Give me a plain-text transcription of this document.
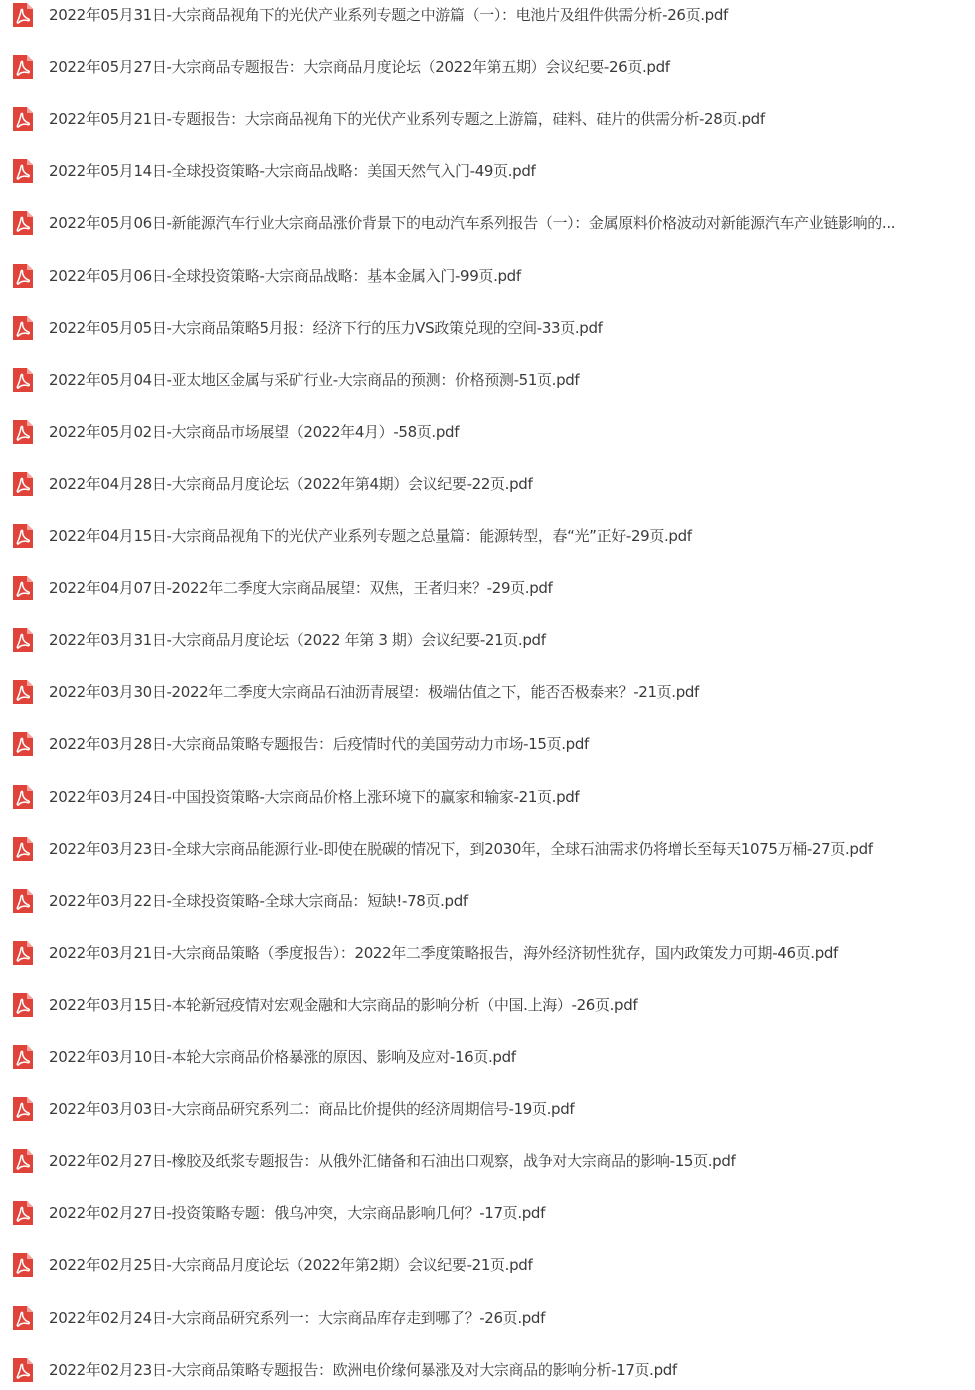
2022年05月31日-大宗商品视角下的光伏产业系列专题之中游篇（一）：电池片及组件供需分析-26页.pdf
2022年05月27日-大宗商品专题报告：大宗商品月度论坛（2022年第五期）会议纪要-26页.pdf
2022年05月21日-专题报告：大宗商品视角下的光伏产业系列专题之上游篇，硅料、硅片的供需分析-28页.pdf
2022年05月14日-全球投资策略-大宗商品战略：美国天然气入门-49页.pdf
2022年05月06日-新能源汽车行业大宗商品涨价背景下的电动汽车系列报告（一）：金属原料价格波动对新能源汽车产业链影响的...
2022年05月06日-全球投资策略-大宗商品战略：基本金属入门-99页.pdf
2022年05月05日-大宗商品策略5月报：经济下行的压力VS政策兑现的空间-33页.pdf
2022年05月04日-亚太地区金属与采矿行业-大宗商品的预测：价格预测-51页.pdf
2022年05月02日-大宗商品市场展望（2022年4月）-58页.pdf
2022年04月28日-大宗商品月度论坛（2022年第4期）会议纪要-22页.pdf
2022年04月15日-大宗商品视角下的光伏产业系列专题之总量篇：能源转型，春“光”正好-29页.pdf
2022年04月07日-2022年二季度大宗商品展望：双焦，王者归来？-29页.pdf
2022年03月31日-大宗商品月度论坛（2022 年第 3 期）会议纪要-21页.pdf
2022年03月30日-2022年二季度大宗商品石油沥青展望：极端估值之下，能否否极泰来？-21页.pdf
2022年03月28日-大宗商品策略专题报告：后疫情时代的美国劳动力市场-15页.pdf
2022年03月24日-中国投资策略-大宗商品价格上涨环境下的赢家和输家-21页.pdf
2022年03月23日-全球大宗商品能源行业-即使在脱碳的情况下，到2030年，全球石油需求仍将增长至每天1075万桶-27页.pdf
2022年03月22日-全球投资策略-全球大宗商品：短缺!-78页.pdf
2022年03月21日-大宗商品策略（季度报告）：2022年二季度策略报告，海外经济韧性犹存，国内政策发力可期-46页.pdf
2022年03月15日-本轮新冠疫情对宏观金融和大宗商品的影响分析（中国.上海）-26页.pdf
2022年03月10日-本轮大宗商品价格暴涨的原因、影响及应对-16页.pdf
2022年03月03日-大宗商品研究系列二：商品比价提供的经济周期信号-19页.pdf
2022年02月27日-橡胶及纸浆专题报告：从俄外汇储备和石油出口观察，战争对大宗商品的影响-15页.pdf
2022年02月27日-投资策略专题：俄乌冲突，大宗商品影响几何？-17页.pdf
2022年02月25日-大宗商品月度论坛（2022年第2期）会议纪要-21页.pdf
2022年02月24日-大宗商品研究系列一：大宗商品库存走到哪了？-26页.pdf
2022年02月23日-大宗商品策略专题报告：欧洲电价缘何暴涨及对大宗商品的影响分析-17页.pdf
